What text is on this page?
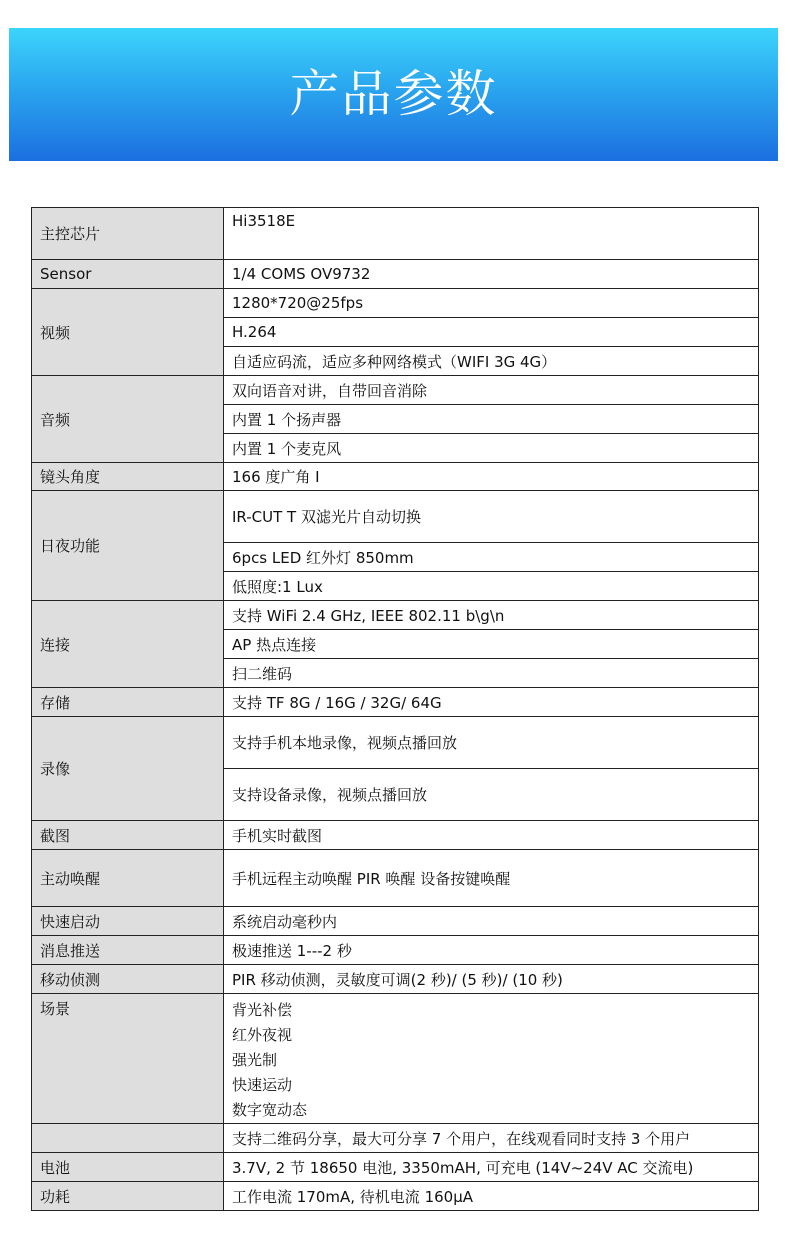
产品参数
主控芯片	Hi3518E
Sensor	1/4 COMS OV9732
视频	1280*720@25fps
	H.264
	自适应码流，适应多种网络模式（WIFI 3G 4G）
音频	双向语音对讲，自带回音消除
	内置 1 个扬声器
	内置 1 个麦克风
镜头角度	166 度广角 I
日夜功能	IR-CUT T 双滤光片自动切换
	6pcs LED 红外灯 850mm
	低照度:1 Lux
连接	支持 WiFi 2.4 GHz, IEEE 802.11 b\g\n
	AP 热点连接
	扫二维码
存储	支持 TF 8G / 16G / 32G/ 64G
录像	支持手机本地录像，视频点播回放
	支持设备录像，视频点播回放
截图	手机实时截图
主动唤醒	手机远程主动唤醒 PIR 唤醒 设备按键唤醒
快速启动	系统启动毫秒内
消息推送	极速推送 1---2 秒
移动侦测	PIR 移动侦测，灵敏度可调(2 秒)/ (5 秒)/ (10 秒)
场景	背光补偿
红外夜视
强光制
快速运动
数字宽动态

	支持二维码分享，最大可分享 7 个用户，在线观看同时支持 3 个用户
电池	3.7V, 2 节 18650 电池, 3350mAH, 可充电 (14V~24V AC 交流电)
功耗	工作电流 170mA, 待机电流 160μA
